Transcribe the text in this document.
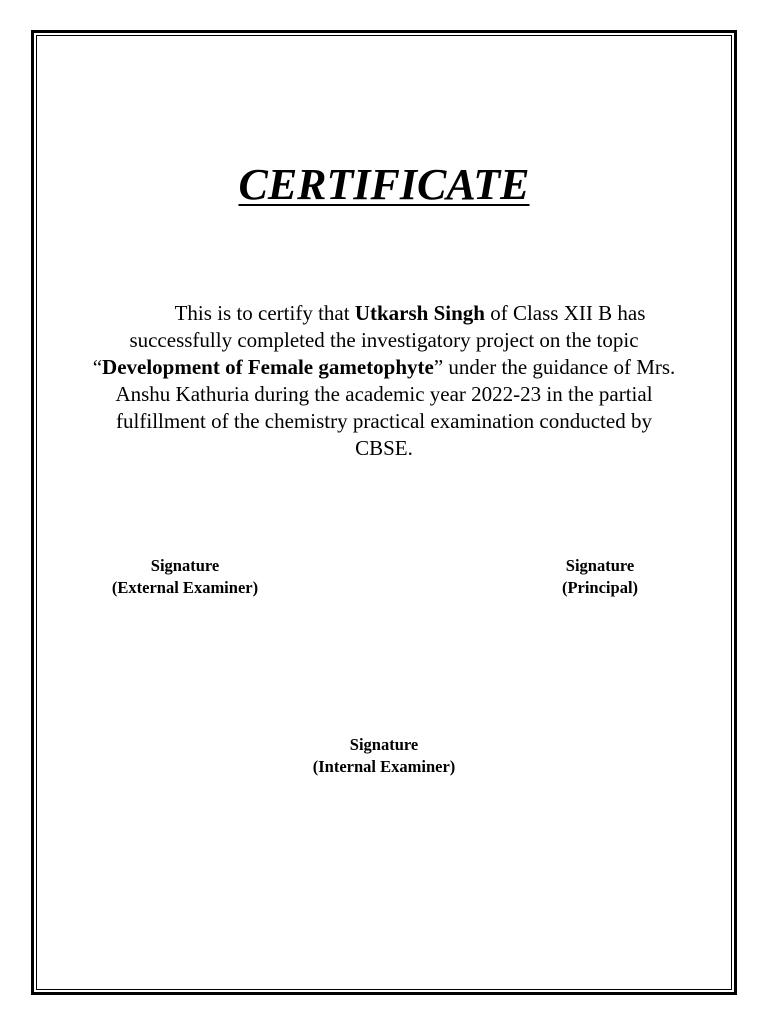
CERTIFICATE

This is to certify that Utkarsh Singh of Class XII B has successfully completed the investigatory project on the topic “Development of Female gametophyte” under the guidance of Mrs. Anshu Kathuria during the academic year 2022-23 in the partial fulfillment of the chemistry practical examination conducted by CBSE.

Signature
(External Examiner)
Signature
(Principal)
Signature
(Internal Examiner)
